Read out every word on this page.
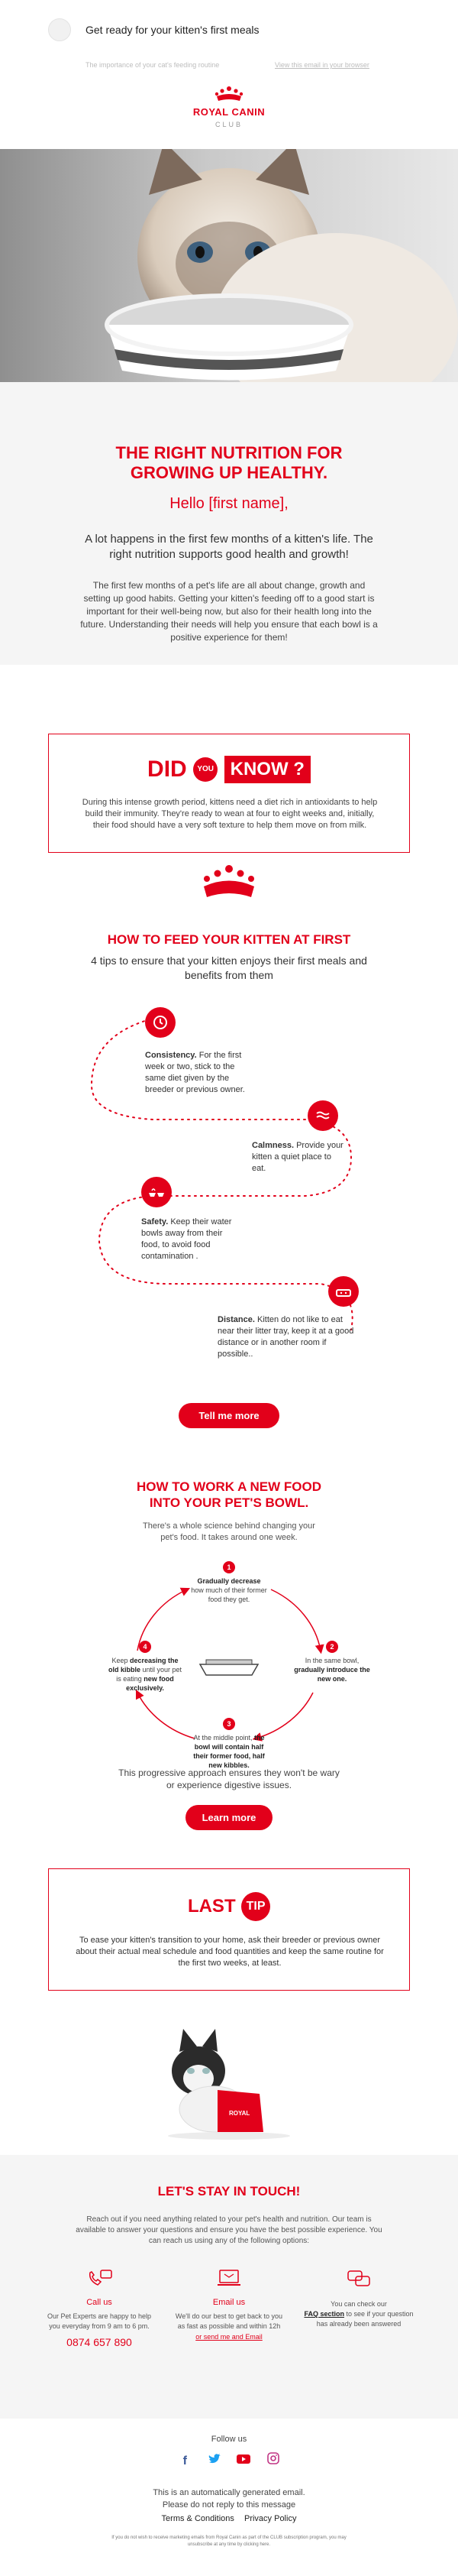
Get ready for your kitten's first meals
The importance of your cat's feeding routine	View this email in your browser
ROYAL CANIN
CLUB
THE RIGHT NUTRITION FOR GROWING UP HEALTHY.
Hello [first name],
A lot happens in the first few months of a kitten's life. The right nutrition supports good health and growth!
The first few months of a pet's life are all about change, growth and setting up good habits. Getting your kitten's feeding off to a good start is important for their well-being now, but also for their health long into the future. Understanding their needs will help you ensure that each bowl is a positive experience for them!
DID YOU KNOW ?
During this intense growth period, kittens need a diet rich in antioxidants to help build their immunity. They're ready to wean at four to eight weeks and, initially, their food should have a very soft texture to help them move on from milk.
HOW TO FEED YOUR KITTEN AT FIRST
4 tips to ensure that your kitten enjoys their first meals and benefits from them
Consistency. For the first week or two, stick to the same diet given by the breeder or previous owner.
Calmness. Provide your kitten a quiet place to eat.
Safety. Keep their water bowls away from their food, to avoid food contamination .
Distance. Kitten do not like to eat near their litter tray, keep it at a good distance or in another room if possible..
Tell me more
HOW TO WORK A NEW FOOD INTO YOUR PET'S BOWL.
There's a whole science behind changing your pet's food. It takes around one week.
1
Gradually decrease
how much of their former food they get.
2
In the same bowl, gradually introduce the new one.
3
At the middle point, the bowl will contain half their former food, half new kibbles.
4
Keep decreasing the old kibble until your pet is eating new food exclusively.
This progressive approach ensures they won't be wary or experience digestive issues.
Learn more
LAST TIP
To ease your kitten's transition to your home, ask their breeder or previous owner about their actual meal schedule and food quantities and keep the same routine for the first two weeks, at least.
ROYAL
LET'S STAY IN TOUCH!
Reach out if you need anything related to your pet's health and nutrition. Our team is available to answer your questions and ensure you have the best possible experience. You can reach us using any of the following options:
Call us
Our Pet Experts are happy to help you everyday from 9 am to 6 pm.
0874 657 890
Email us
We'll do our best to get back to you as fast as possible and within 12h
or send me and Email
You can check our
FAQ section to see if your question has already been answered
Follow us
f
This is an automatically generated email.
Please do not reply to this message
Terms & Conditions Privacy Policy
If you do not wish to receive marketing emails from Royal Canin as part of the CLUB subscription program, you may unsubscribe at any time by clicking here.
